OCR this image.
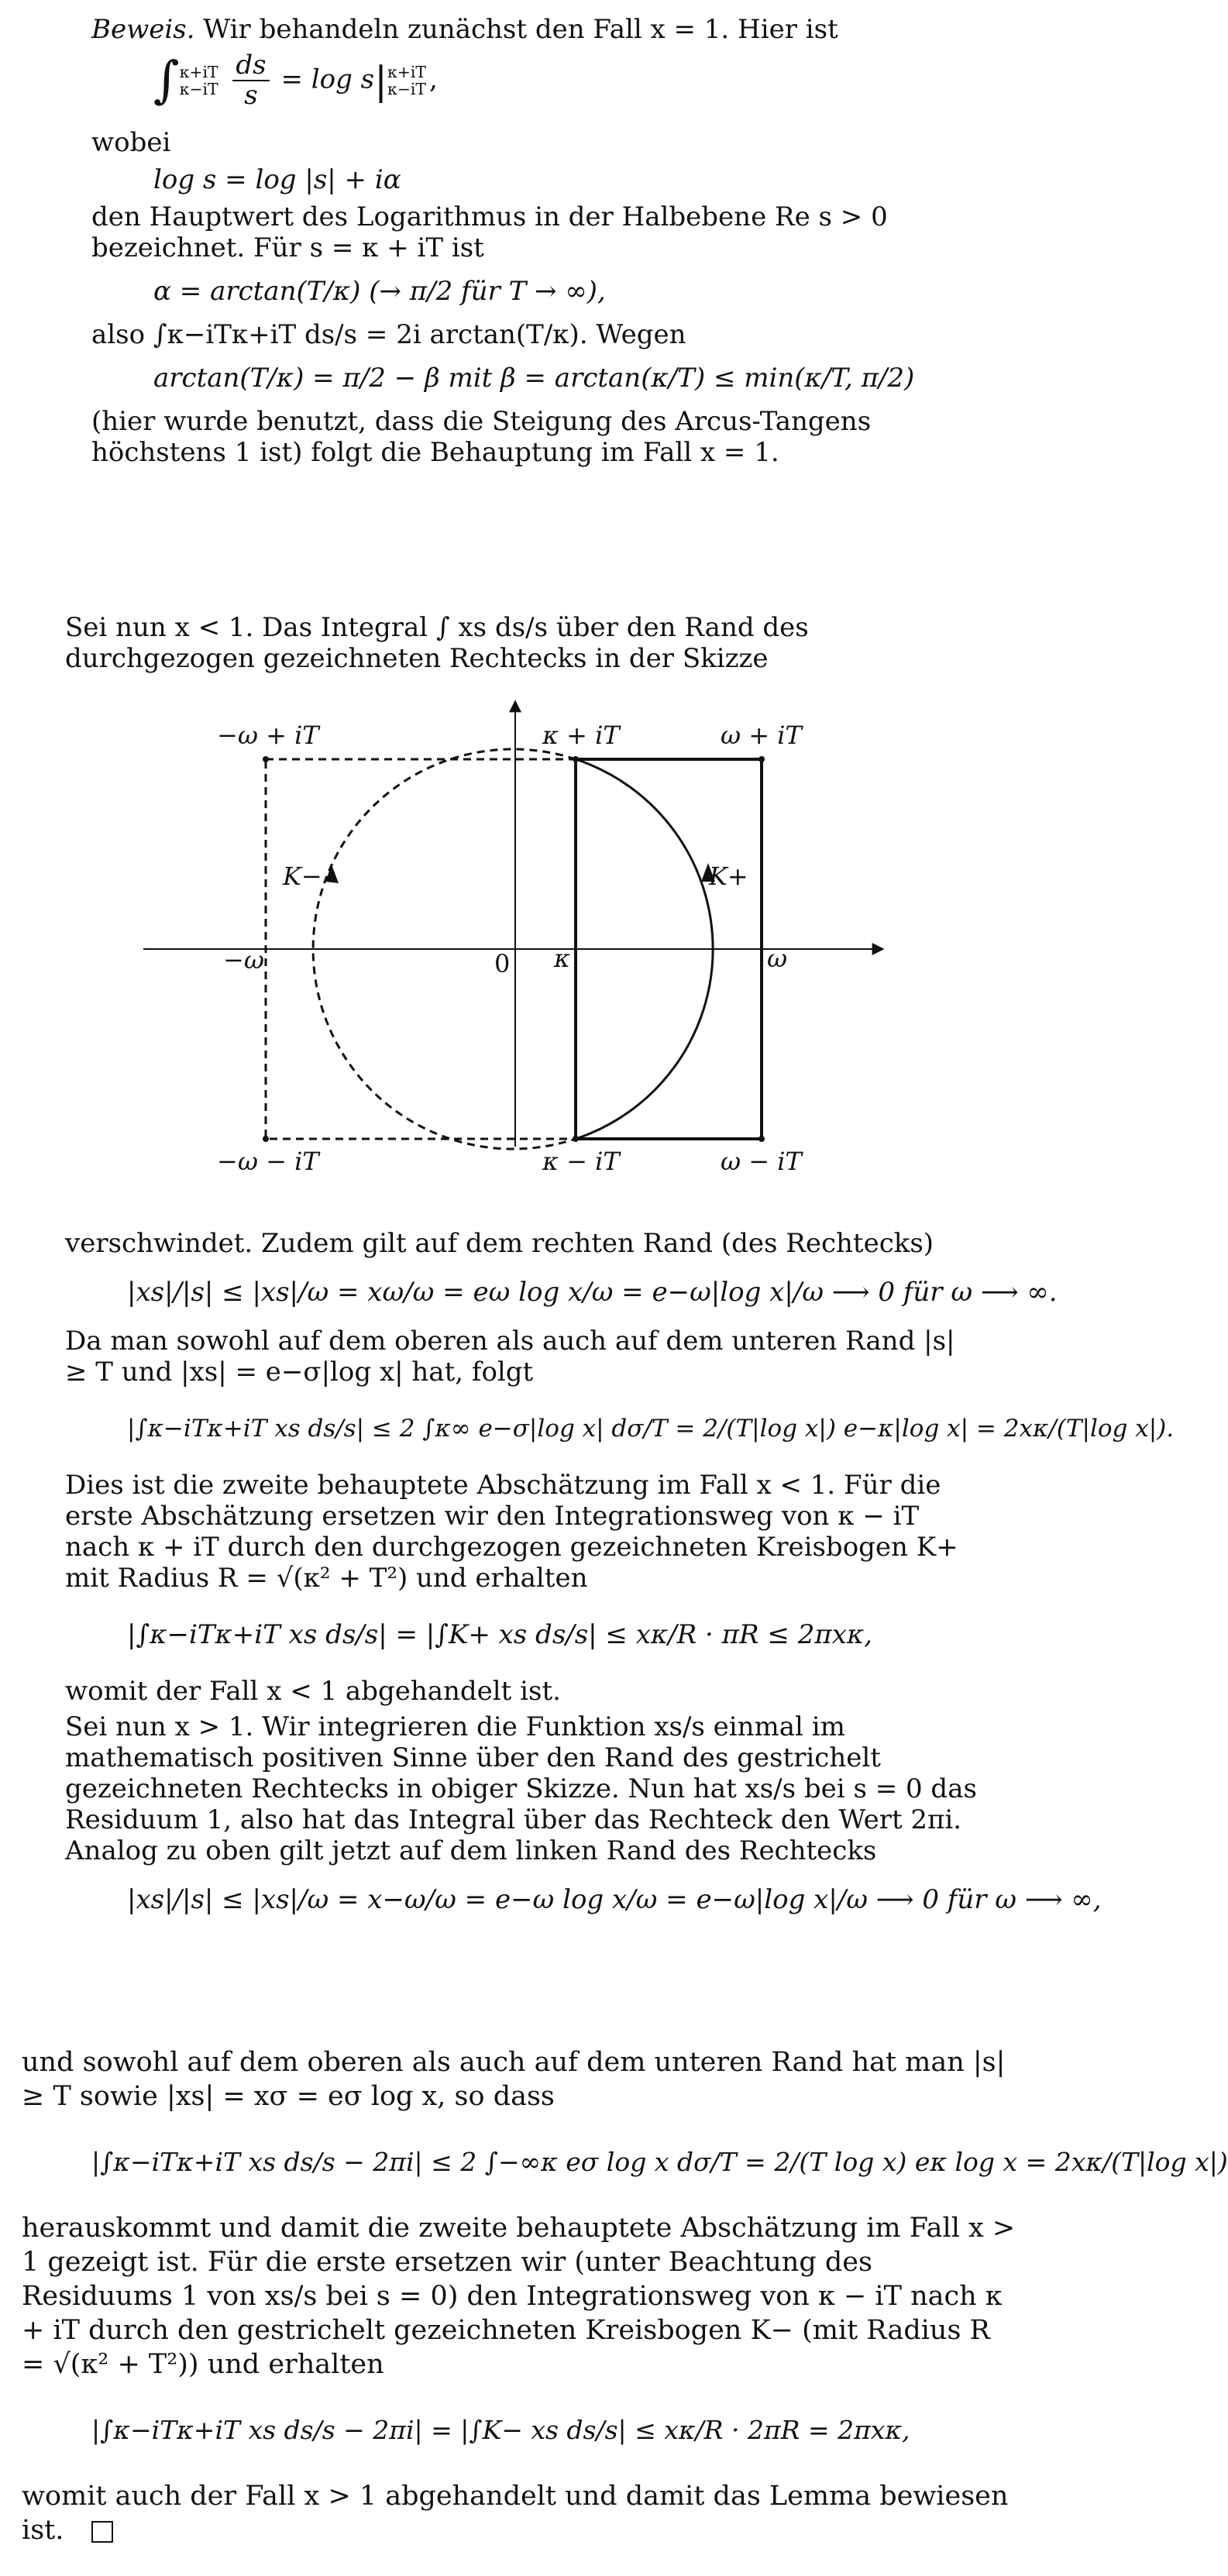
Beweis. Wir behandeln zunächst den Fall x = 1. Hier ist

∫ κ+iT
κ−iT
$\frac{ds}{s} = \log s|$ κ+iT
κ−iT ,

wobei

log s = log |s| + iα

den Hauptwert des Logarithmus in der Halbebene Re s > 0 bezeichnet. Für s = κ + iT ist

α = arctan(T/κ) (→ π/2 für T → ∞),

also ∫κ−iTκ+iT ds/s = 2i arctan(T/κ). Wegen

arctan(T/κ) = π/2 − β mit β = arctan(κ/T) ≤ min(κ/T, π/2)

(hier wurde benutzt, dass die Steigung des Arcus-Tangens höchstens 1 ist) folgt die Behauptung im Fall x = 1.

Sei nun x < 1. Das Integral ∫ xs ds/s über den Rand des durchgezogen gezeichneten Rechtecks in der Skizze

−ω + iT	κ + iT	ω + iT
−ω − iT	κ − iT	ω − iT
K−	K+
−ω	0 κ	ω

verschwindet. Zudem gilt auf dem rechten Rand (des Rechtecks)

|xs|/|s| ≤ |xs|/ω = xω/ω = eω log x/ω = e−ω|log x|/ω ⟶ 0 für ω ⟶ ∞.

Da man sowohl auf dem oberen als auch auf dem unteren Rand |s| ≥ T und |xs| = e−σ|log x| hat, folgt

|∫κ−iTκ+iT xs ds/s| ≤ 2 ∫κ∞ e−σ|log x| dσ/T = 2/(T|log x|) e−κ|log x| = 2xκ/(T|log x|).

Dies ist die zweite behauptete Abschätzung im Fall x < 1. Für die erste Abschätzung ersetzen wir den Integrationsweg von κ − iT nach κ + iT durch den durchgezogen gezeichneten Kreisbogen K+ mit Radius R = √(κ² + T²) und erhalten

|∫κ−iTκ+iT xs ds/s| = |∫K+ xs ds/s| ≤ xκ/R · πR ≤ 2πxκ,

womit der Fall x < 1 abgehandelt ist.

Sei nun x > 1. Wir integrieren die Funktion xs/s einmal im mathematisch positiven Sinne über den Rand des gestrichelt gezeichneten Rechtecks in obiger Skizze. Nun hat xs/s bei s = 0 das Residuum 1, also hat das Integral über das Rechteck den Wert 2πi. Analog zu oben gilt jetzt auf dem linken Rand des Rechtecks

|xs|/|s| ≤ |xs|/ω = x−ω/ω = e−ω log x/ω = e−ω|log x|/ω ⟶ 0 für ω ⟶ ∞,

und sowohl auf dem oberen als auch auf dem unteren Rand hat man |s| ≥ T sowie |xs| = xσ = eσ log x, so dass

|∫κ−iTκ+iT xs ds/s − 2πi| ≤ 2 ∫−∞κ eσ log x dσ/T = 2/(T log x) eκ log x = 2xκ/(T|log x|)

herauskommt und damit die zweite behauptete Abschätzung im Fall x > 1 gezeigt ist. Für die erste ersetzen wir (unter Beachtung des Residuums 1 von xs/s bei s = 0) den Integrationsweg von κ − iT nach κ + iT durch den gestrichelt gezeichneten Kreisbogen K− (mit Radius R = √(κ² + T²)) und erhalten

|∫κ−iTκ+iT xs ds/s − 2πi| = |∫K− xs ds/s| ≤ xκ/R · 2πR = 2πxκ,

womit auch der Fall x > 1 abgehandelt und damit das Lemma bewiesen ist.
